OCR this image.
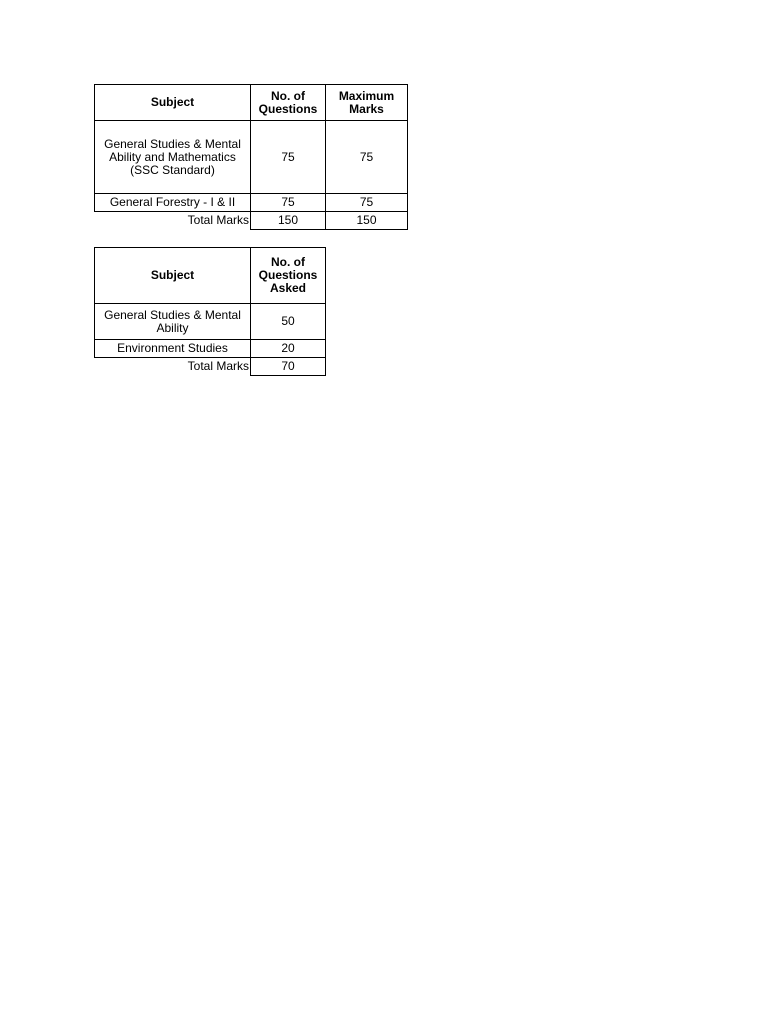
Subject	No. of Questions	Maximum Marks
General Studies & Mental Ability and Mathematics (SSC Standard)	75	75
General Forestry - I & II	75	75
Total Marks	150	150
Subject	No. of Questions Asked
General Studies & Mental Ability	50
Environment Studies	20
Total Marks	70
